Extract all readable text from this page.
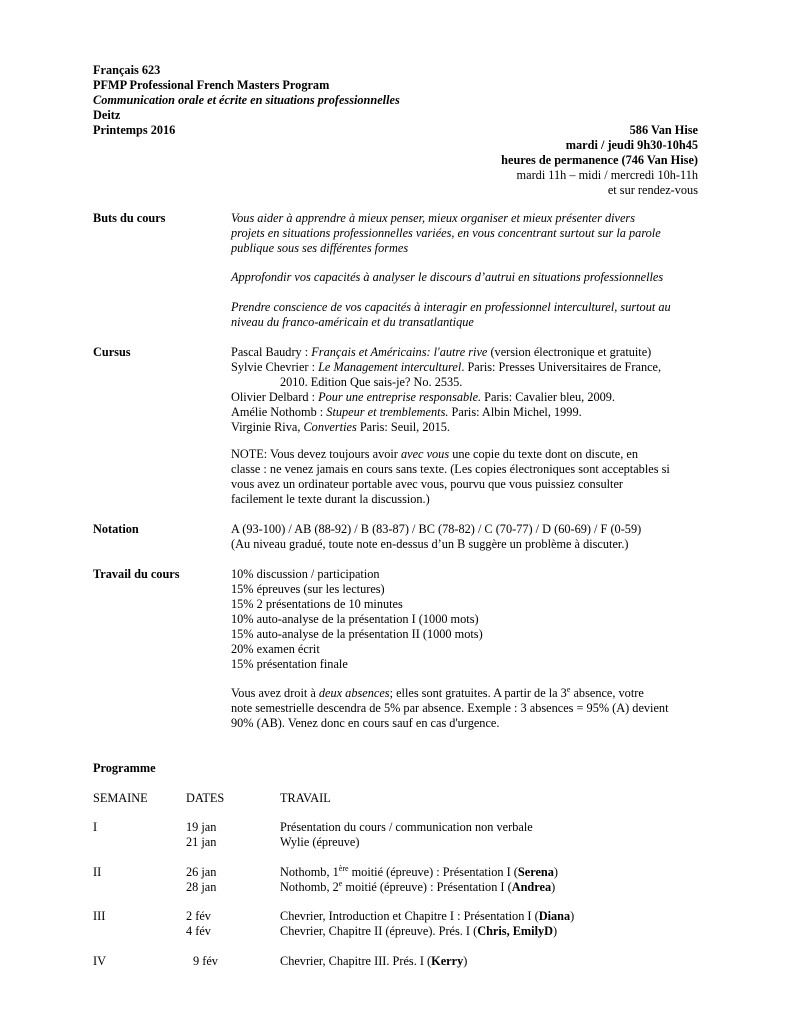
Français 623
PFMP Professional French Masters Program
Communication orale et écrite en situations professionnelles
Deitz
Printemps 2016	586 Van Hise
mardi / jeudi 9h30-10h45
heures de permanence (746 Van Hise)
mardi 11h – midi / mercredi 10h-11h
et sur rendez-vous
Buts du cours	Vous aider à apprendre à mieux penser, mieux organiser et mieux présenter divers
projets en situations professionnelles variées, en vous concentrant surtout sur la parole
publique sous ses différentes formes
Approfondir vos capacités à analyser le discours d’autrui en situations professionnelles
Prendre conscience de vos capacités à interagir en professionnel interculturel, surtout au
niveau du franco-américain et du transatlantique
Cursus	Pascal Baudry : Français et Américains: l'autre rive (version électronique et gratuite)
Sylvie Chevrier : Le Management interculturel. Paris: Presses Universitaires de France,
2010. Edition Que sais-je? No. 2535.
Olivier Delbard : Pour une entreprise responsable. Paris: Cavalier bleu, 2009.
Amélie Nothomb : Stupeur et tremblements. Paris: Albin Michel, 1999.
Virginie Riva, Converties Paris: Seuil, 2015.
NOTE: Vous devez toujours avoir avec vous une copie du texte dont on discute, en
classe : ne venez jamais en cours sans texte. (Les copies électroniques sont acceptables si
vous avez un ordinateur portable avec vous, pourvu que vous puissiez consulter
facilement le texte durant la discussion.)
Notation	A (93-100) / AB (88-92) / B (83-87) / BC (78-82) / C (70-77) / D (60-69) / F (0-59)
(Au niveau gradué, toute note en-dessus d’un B suggère un problème à discuter.)
Travail du cours	10% discussion / participation
15% épreuves (sur les lectures)
15% 2 présentations de 10 minutes
10% auto-analyse de la présentation I (1000 mots)
15% auto-analyse de la présentation II (1000 mots)
20% examen écrit
15% présentation finale
Vous avez droit à deux absences; elles sont gratuites. A partir de la 3e absence, votre
note semestrielle descendra de 5% par absence. Exemple : 3 absences = 95% (A) devient
90% (AB). Venez donc en cours sauf en cas d'urgence.
Programme
SEMAINE	DATES	TRAVAIL
I	19 jan	Présentation du cours / communication non verbale
21 jan	Wylie (épreuve)
II	26 jan	Nothomb, 1ère moitié (épreuve) : Présentation I (Serena)
28 jan	Nothomb, 2e moitié (épreuve) : Présentation I (Andrea)
III	2 fév	Chevrier, Introduction et Chapitre I : Présentation I (Diana)
4 fév	Chevrier, Chapitre II (épreuve). Prés. I (Chris, EmilyD)
IV	9 fév	Chevrier, Chapitre III. Prés. I (Kerry)
